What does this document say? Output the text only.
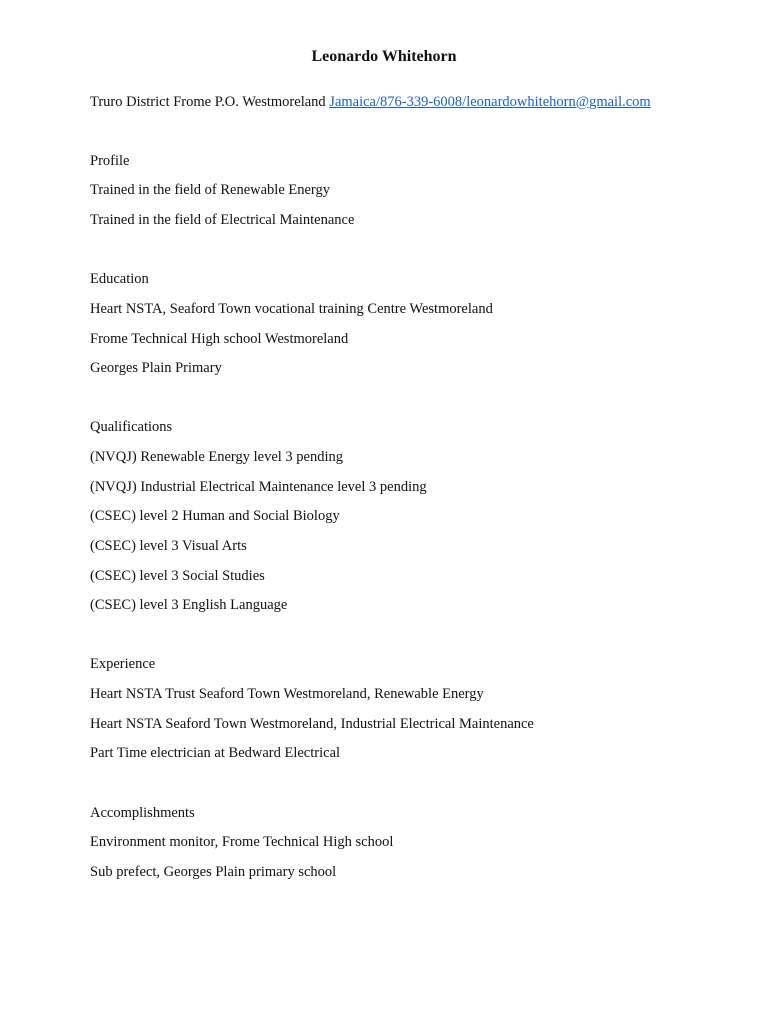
Leonardo Whitehorn
Truro District Frome P.O. Westmoreland Jamaica/876-339-6008/leonardowhitehorn@gmail.com
Profile
Trained in the field of Renewable Energy
Trained in the field of Electrical Maintenance
Education
Heart NSTA, Seaford Town vocational training Centre Westmoreland
Frome Technical High school Westmoreland
Georges Plain Primary
Qualifications
(NVQJ) Renewable Energy level 3 pending
(NVQJ) Industrial Electrical Maintenance level 3 pending
(CSEC) level 2 Human and Social Biology
(CSEC) level 3 Visual Arts
(CSEC) level 3 Social Studies
(CSEC) level 3 English Language
Experience
Heart NSTA Trust Seaford Town Westmoreland, Renewable Energy
Heart NSTA Seaford Town Westmoreland, Industrial Electrical Maintenance
Part Time electrician at Bedward Electrical
Accomplishments
Environment monitor, Frome Technical High school
Sub prefect, Georges Plain primary school
